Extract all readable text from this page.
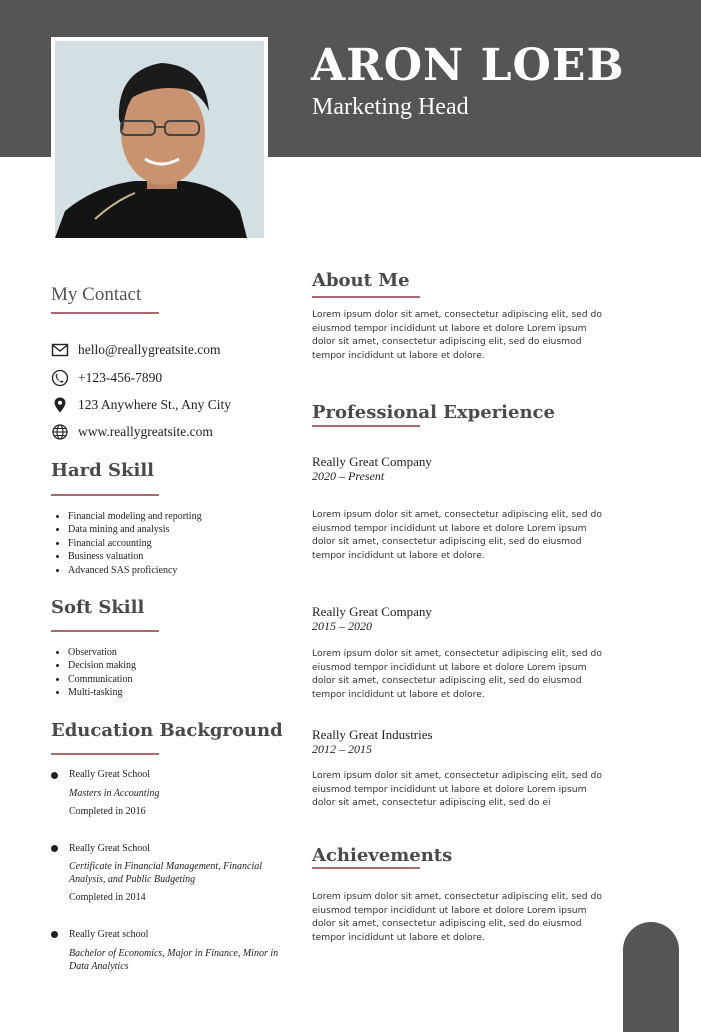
ARON LOEB
Marketing Head
My Contact
hello@reallygreatsite.com
+123-456-7890
123 Anywhere St., Any City
www.reallygreatsite.com
Hard Skill
• Financial modeling and reporting
• Data mining and analysis
• Financial accounting
• Business valuation
• Advanced SAS proficiency
Soft Skill
• Observation
• Decision making
• Communication
• Multi-tasking
Education Background
Really Great School
Masters in Accounting
Completed in 2016
Really Great School
Certificate in Financial Management, Financial Analysis, and Public Budgeting
Completed in 2014
Really Great school
Bachelor of Economics, Major in Finance, Minor in Data Analytics
About Me
Lorem ipsum dolor sit amet, consectetur adipiscing elit, sed do eiusmod tempor incididunt ut labore et dolore Lorem ipsum dolor sit amet, consectetur adipiscing elit, sed do eiusmod tempor incididunt ut labore et dolore.
Professional Experience
Really Great Company
2020 – Present
Lorem ipsum dolor sit amet, consectetur adipiscing elit, sed do eiusmod tempor incididunt ut labore et dolore Lorem ipsum dolor sit amet, consectetur adipiscing elit, sed do eiusmod tempor incididunt ut labore et dolore.
Really Great Company
2015 – 2020
Lorem ipsum dolor sit amet, consectetur adipiscing elit, sed do eiusmod tempor incididunt ut labore et dolore Lorem ipsum dolor sit amet, consectetur adipiscing elit, sed do eiusmod tempor incididunt ut labore et dolore.
Really Great Industries
2012 – 2015
Lorem ipsum dolor sit amet, consectetur adipiscing elit, sed do eiusmod tempor incididunt ut labore et dolore Lorem ipsum dolor sit amet, consectetur adipiscing elit, sed do ei
Achievements
Lorem ipsum dolor sit amet, consectetur adipiscing elit, sed do eiusmod tempor incididunt ut labore et dolore Lorem ipsum dolor sit amet, consectetur adipiscing elit, sed do eiusmod tempor incididunt ut labore et dolore.
